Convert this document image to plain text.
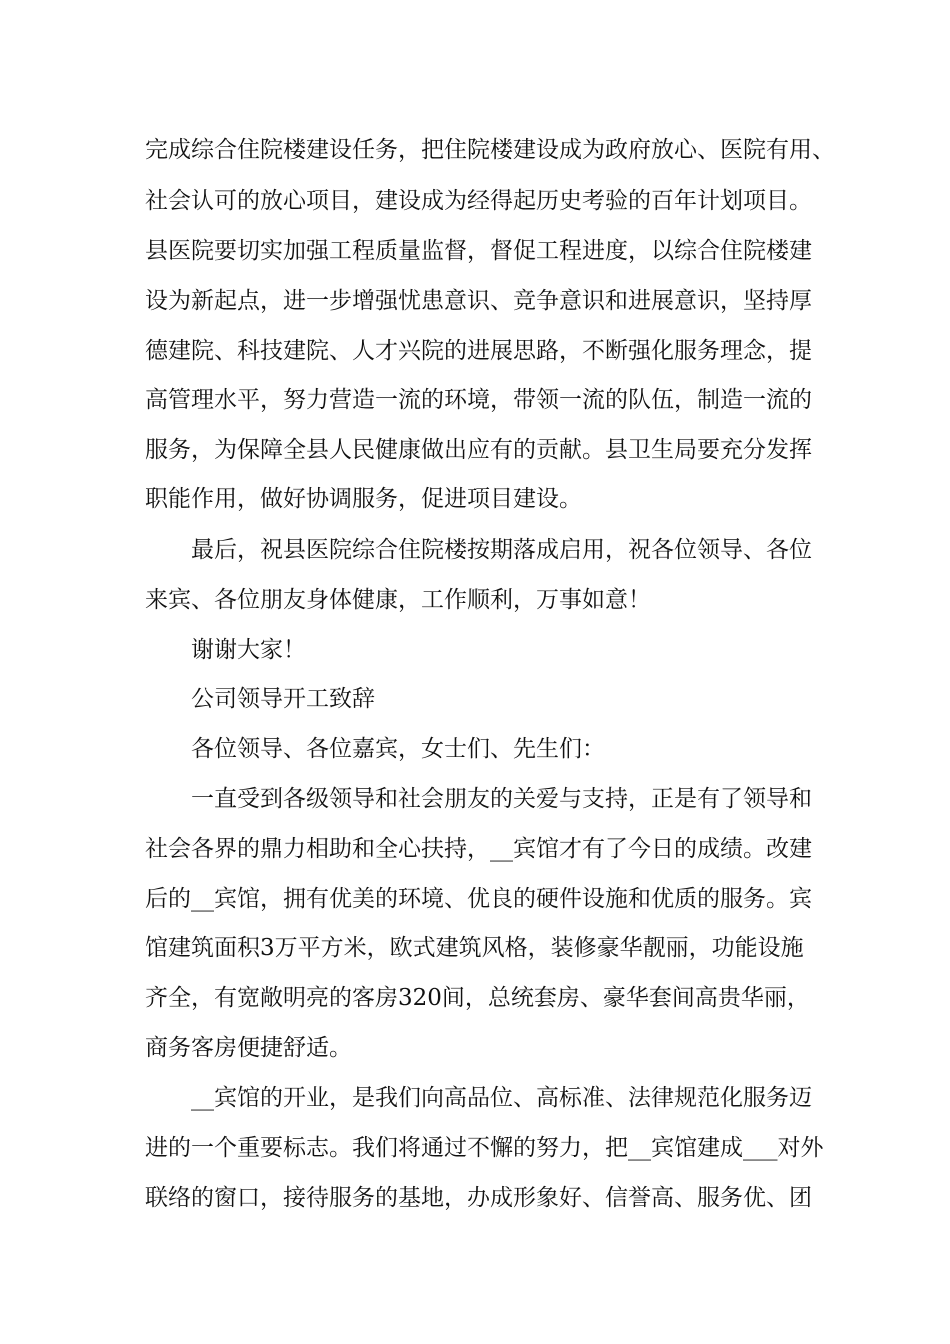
完成综合住院楼建设任务，把住院楼建设成为政府放心、医院有用、
社会认可的放心项目，建设成为经得起历史考验的百年计划项目。
县医院要切实加强工程质量监督，督促工程进度，以综合住院楼建
设为新起点，进一步增强忧患意识、竞争意识和进展意识，坚持厚
德建院、科技建院、人才兴院的进展思路，不断强化服务理念，提
高管理水平，努力营造一流的环境，带领一流的队伍，制造一流的
服务，为保障全县人民健康做出应有的贡献。县卫生局要充分发挥
职能作用，做好协调服务，促进项目建设。
最后，祝县医院综合住院楼按期落成启用，祝各位领导、各位
来宾、各位朋友身体健康，工作顺利，万事如意！
谢谢大家！
公司领导开工致辞
各位领导、各位嘉宾，女士们、先生们：
一直受到各级领导和社会朋友的关爱与支持，正是有了领导和
社会各界的鼎力相助和全心扶持，__宾馆才有了今日的成绩。改建
后的__宾馆，拥有优美的环境、优良的硬件设施和优质的服务。宾
馆建筑面积3万平方米，欧式建筑风格，装修豪华靓丽，功能设施
齐全，有宽敞明亮的客房320间，总统套房、豪华套间高贵华丽，
商务客房便捷舒适。
__宾馆的开业，是我们向高品位、高标准、法律规范化服务迈
进的一个重要标志。我们将通过不懈的努力，把__宾馆建成___对外
联络的窗口，接待服务的基地，办成形象好、信誉高、服务优、团
